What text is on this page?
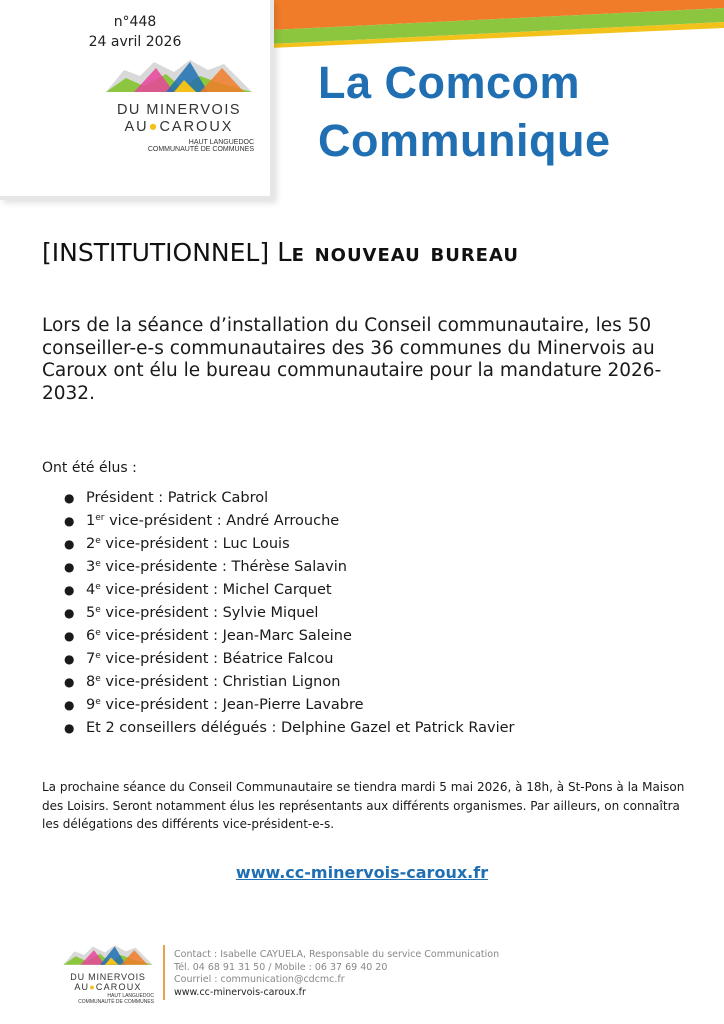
n°448
24 avril 2026
DU MINERVOIS
AU●CAROUX
HAUT LANGUEDOC
COMMUNAUTÉ DE COMMUNES
La Comcom
Communique
[INSTITUTIONNEL] Le nouveau bureau
Lors de la séance d’installation du Conseil communautaire, les 50 conseiller-e-s communautaires des 36 communes du Minervois au Caroux ont élu le bureau communautaire pour la mandature 2026-2032.
Ont été élus :
● Président : Patrick Cabrol
● 1er vice-président : André Arrouche
● 2e vice-président : Luc Louis
● 3e vice-présidente : Thérèse Salavin
● 4e vice-président : Michel Carquet
● 5e vice-président : Sylvie Miquel
● 6e vice-président : Jean-Marc Saleine
● 7e vice-président : Béatrice Falcou
● 8e vice-président : Christian Lignon
● 9e vice-président : Jean-Pierre Lavabre
● Et 2 conseillers délégués : Delphine Gazel et Patrick Ravier
La prochaine séance du Conseil Communautaire se tiendra mardi 5 mai 2026, à 18h, à St-Pons à la Maison des Loisirs. Seront notamment élus les représentants aux différents organismes. Par ailleurs, on connaîtra les délégations des différents vice-président-e-s.
www.cc-minervois-caroux.fr
DU MINERVOIS
AU●CAROUX
HAUT LANGUEDOC
COMMUNAUTÉ DE COMMUNES
Contact : Isabelle CAYUELA, Responsable du service Communication
Tél. 04 68 91 31 50 / Mobile : 06 37 69 40 20
Courriel : communication@cdcmc.fr
www.cc-minervois-caroux.fr
